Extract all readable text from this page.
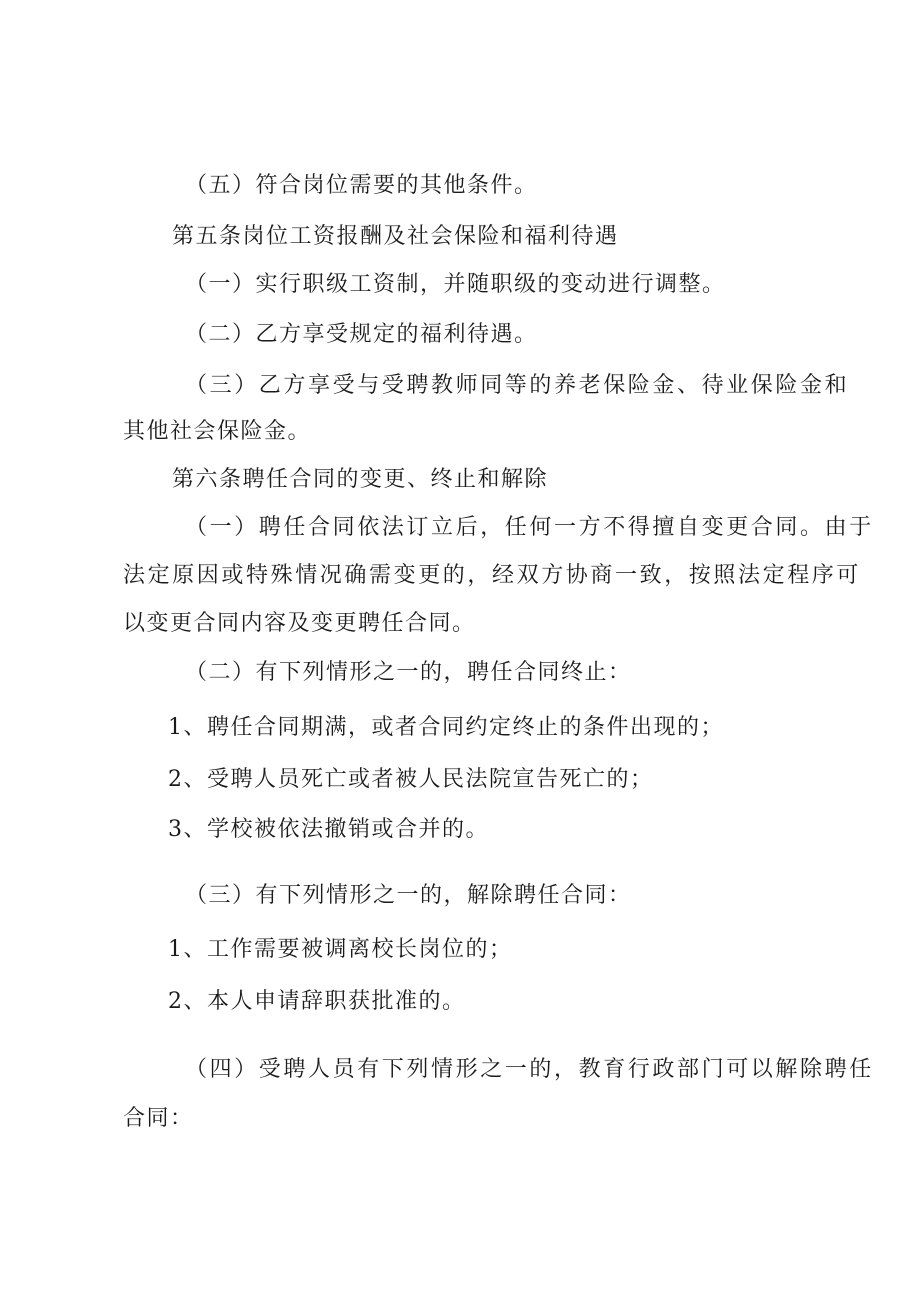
（五）符合岗位需要的其他条件。
第五条岗位工资报酬及社会保险和福利待遇
（一）实行职级工资制，并随职级的变动进行调整。
（二）乙方享受规定的福利待遇。
（三）乙方享受与受聘教师同等的养老保险金、待业保险金和
其他社会保险金。
第六条聘任合同的变更、终止和解除
（一）聘任合同依法订立后，任何一方不得擅自变更合同。由于
法定原因或特殊情况确需变更的，经双方协商一致，按照法定程序可
以变更合同内容及变更聘任合同。
（二）有下列情形之一的，聘任合同终止：
1、聘任合同期满，或者合同约定终止的条件出现的；
2、受聘人员死亡或者被人民法院宣告死亡的；
3、学校被依法撤销或合并的。
（三）有下列情形之一的，解除聘任合同：
1、工作需要被调离校长岗位的；
2、本人申请辞职获批准的。
（四）受聘人员有下列情形之一的，教育行政部门可以解除聘任
合同：
